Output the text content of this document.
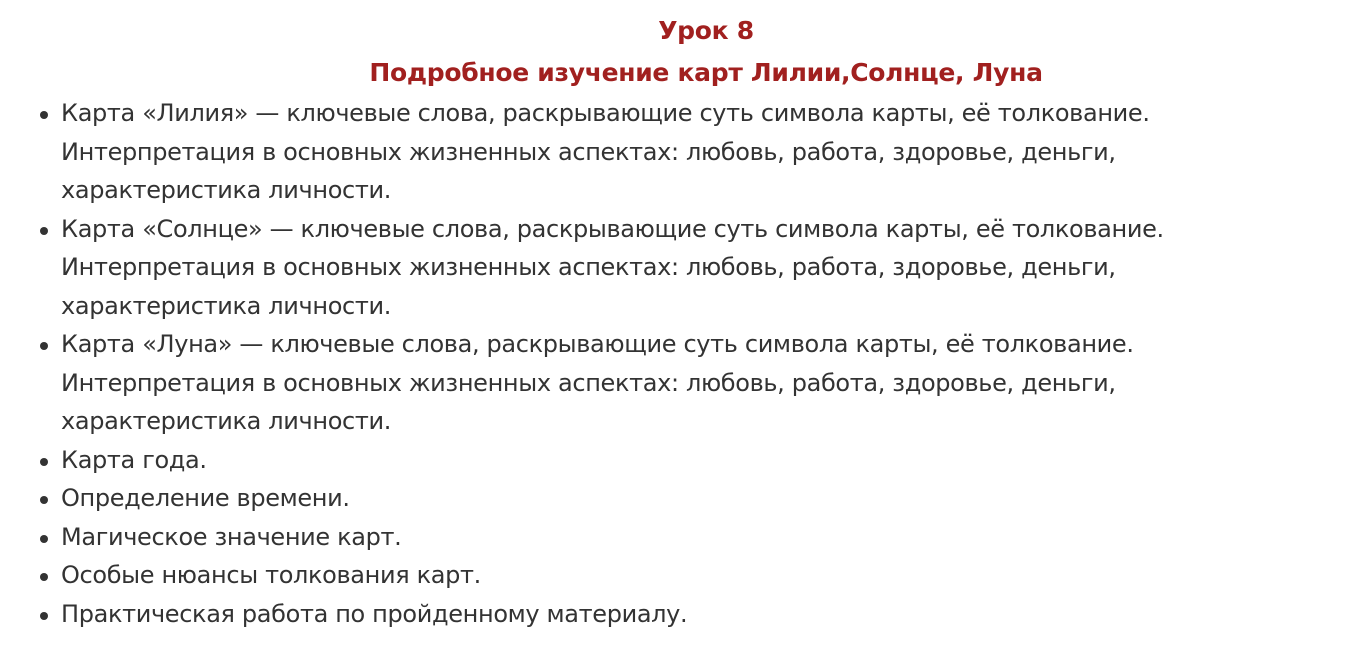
Урок 8
Подробное изучение карт Лилии,Солнце, Луна
Карта «Лилия» — ключевые слова, раскрывающие суть символа карты, её толкование.
Интерпретация в основных жизненных аспектах: любовь, работа, здоровье, деньги,
характеристика личности.
Карта «Солнце» — ключевые слова, раскрывающие суть символа карты, её толкование.
Интерпретация в основных жизненных аспектах: любовь, работа, здоровье, деньги,
характеристика личности.
Карта «Луна» — ключевые слова, раскрывающие суть символа карты, её толкование.
Интерпретация в основных жизненных аспектах: любовь, работа, здоровье, деньги,
характеристика личности.
Карта года.
Определение времени.
Магическое значение карт.
Особые нюансы толкования карт.
Практическая работа по пройденному материалу.
